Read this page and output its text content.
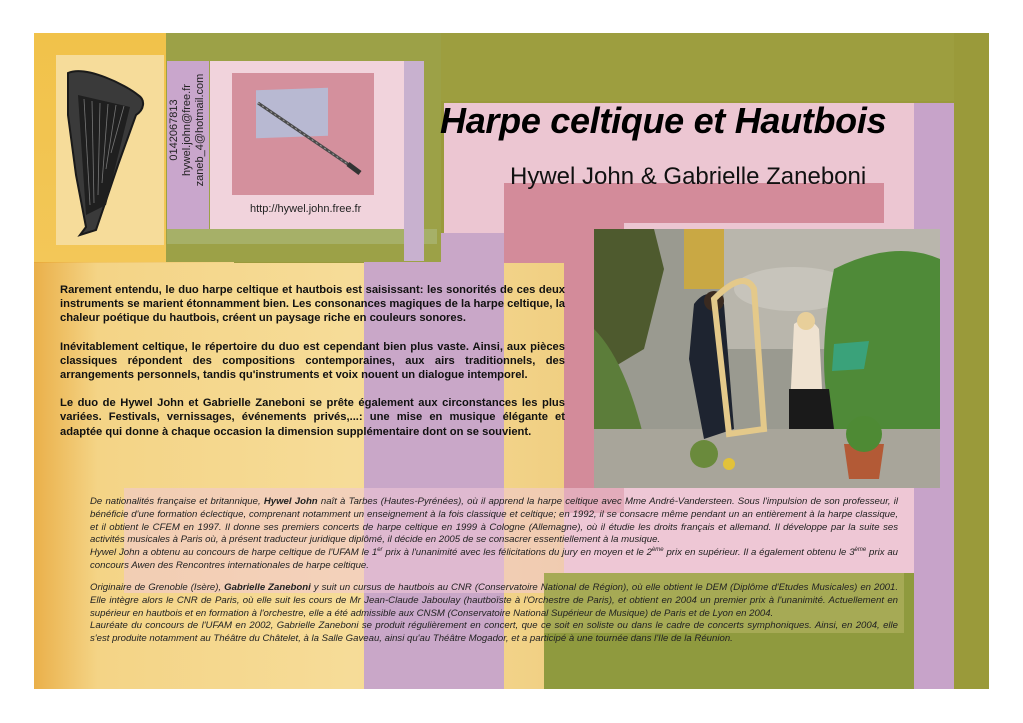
0142067813 hywel.john@free.fr zaneb_4@hotmail.com
http://hywel.john.free.fr
Harpe celtique et Hautbois
Hywel John & Gabrielle Zaneboni

Rarement entendu, le duo harpe celtique et hautbois est saisissant: les sonorités de ces deux instruments se marient étonnamment bien. Les consonances magiques de la harpe celtique, la chaleur poétique du hautbois, créent un paysage riche en couleurs sonores.

Inévitablement celtique, le répertoire du duo est cependant bien plus vaste. Ainsi, aux pièces classiques répondent des compositions contemporaines, aux airs traditionnels, des arrangements personnels, tandis qu'instruments et voix nouent un dialogue intemporel.

Le duo de Hywel John et Gabrielle Zaneboni se prête également aux circonstances les plus variées. Festivals, vernissages, événements privés,...: une mise en musique élégante et adaptée qui donne à chaque occasion la dimension supplémentaire dont on se souvient.

De nationalités française et britannique, Hywel John naît à Tarbes (Hautes-Pyrénées), où il apprend la harpe celtique avec Mme André-Vandersteen. Sous l'impulsion de son professeur, il bénéficie d'une formation éclectique, comprenant notamment un enseignement à la fois classique et celtique; en 1992, il se consacre même pendant un an entièrement à la harpe classique, et il obtient le CFEM en 1997. Il donne ses premiers concerts de harpe celtique en 1999 à Cologne (Allemagne), où il étudie les droits français et allemand. Il développe par la suite ses activités musicales à Paris où, à présent traducteur juridique diplômé, il décide en 2005 de se consacrer essentiellement à la musique.

Hywel John a obtenu au concours de harpe celtique de l'UFAM le 1er prix à l'unanimité avec les félicitations du jury en moyen et le 2ème prix en supérieur. Il a également obtenu le 3ème prix au concours Awen des Rencontres internationales de harpe celtique.

Originaire de Grenoble (Isère), Gabrielle Zaneboni y suit un cursus de hautbois au CNR (Conservatoire National de Région), où elle obtient le DEM (Diplôme d'Etudes Musicales) en 2001. Elle intègre alors le CNR de Paris, où elle suit les cours de Mr Jean-Claude Jaboulay (hautboïste à l'Orchestre de Paris), et obtient en 2004 un premier prix à l'unanimité. Actuellement en supérieur en hautbois et en formation à l'orchestre, elle a été admissible aux CNSM (Conservatoire National Supérieur de Musique) de Paris et de Lyon en 2004.

Lauréate du concours de l'UFAM en 2002, Gabrielle Zaneboni se produit régulièrement en concert, que ce soit en soliste ou dans le cadre de concerts symphoniques. Ainsi, en 2004, elle s'est produite notamment au Théâtre du Châtelet, à la Salle Gaveau, ainsi qu'au Théâtre Mogador, et a participé à une tournée dans l'Ile de la Réunion.
